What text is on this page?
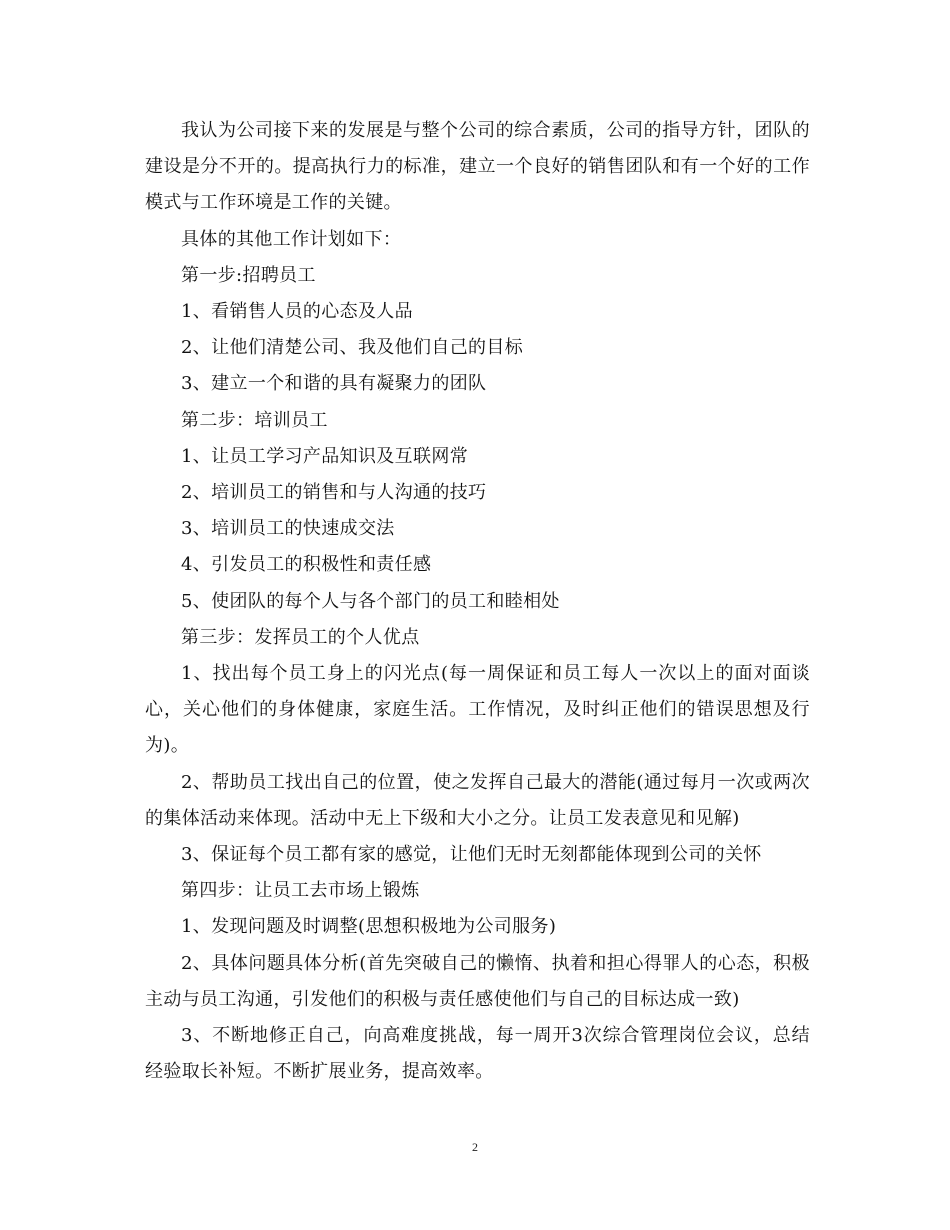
我认为公司接下来的发展是与整个公司的综合素质，公司的指导方针，团队的建设是分不开的。提高执行力的标准，建立一个良好的销售团队和有一个好的工作模式与工作环境是工作的关键。

具体的其他工作计划如下：

第一步:招聘员工

1、看销售人员的心态及人品

2、让他们清楚公司、我及他们自己的目标

3、建立一个和谐的具有凝聚力的团队

第二步：培训员工

1、让员工学习产品知识及互联网常

2、培训员工的销售和与人沟通的技巧

3、培训员工的快速成交法

4、引发员工的积极性和责任感

5、使团队的每个人与各个部门的员工和睦相处

第三步：发挥员工的个人优点

1、找出每个员工身上的闪光点(每一周保证和员工每人一次以上的面对面谈心，关心他们的身体健康，家庭生活。工作情况，及时纠正他们的错误思想及行为)。

2、帮助员工找出自己的位置，使之发挥自己最大的潜能(通过每月一次或两次的集体活动来体现。活动中无上下级和大小之分。让员工发表意见和见解)

3、保证每个员工都有家的感觉，让他们无时无刻都能体现到公司的关怀

第四步：让员工去市场上锻炼

1、发现问题及时调整(思想积极地为公司服务)

2、具体问题具体分析(首先突破自己的懒惰、执着和担心得罪人的心态，积极主动与员工沟通，引发他们的积极与责任感使他们与自己的目标达成一致)

3、不断地修正自己，向高难度挑战，每一周开3次综合管理岗位会议，总结经验取长补短。不断扩展业务，提高效率。

2
